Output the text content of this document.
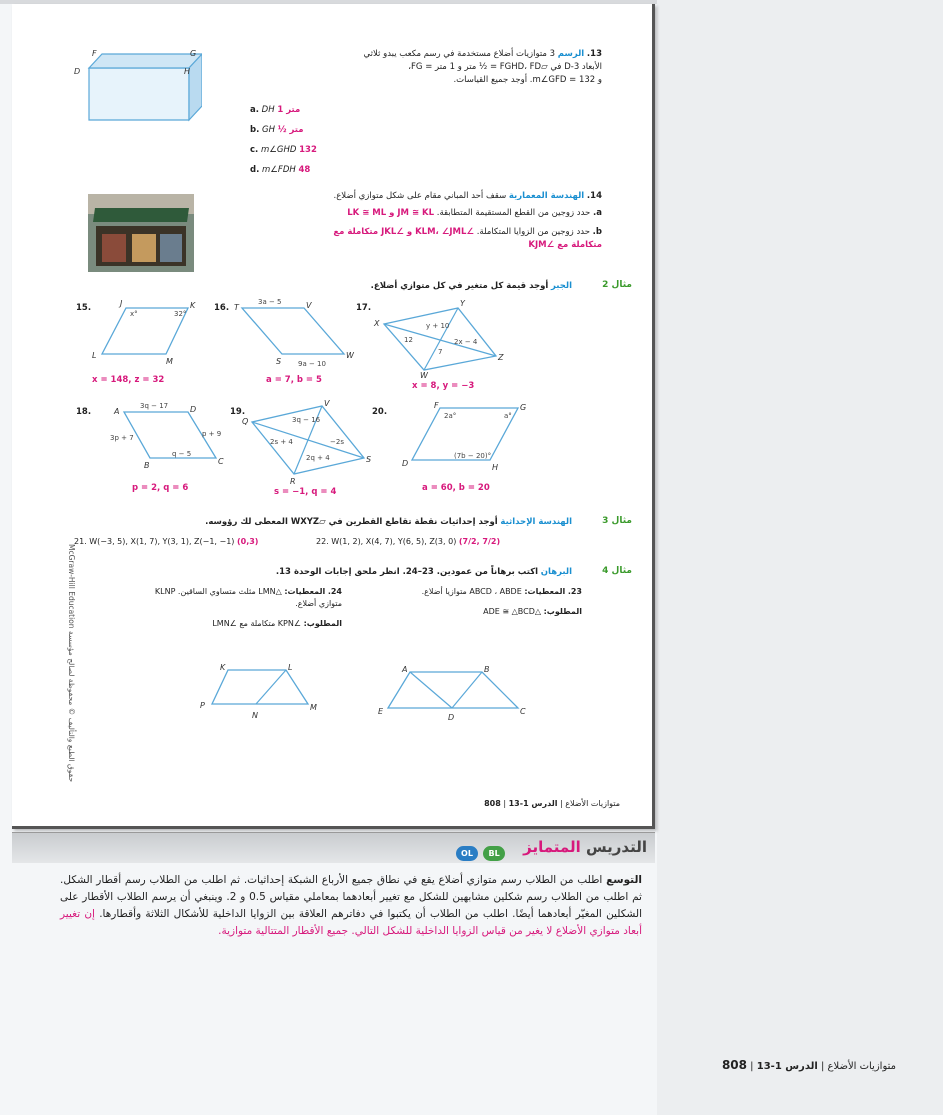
F	G
D	H
13. الرسم 3 متوازيات أضلاع مستخدمة في رسم مكعب يبدو ثلاثي
الأبعاد 3-D في ▱FGHD، FD = ½ متر و 1 متر = FG،
و m∠GFD = 132. أوجد جميع القياسات.
a. DH 1 متر
b. GH ½ متر
c. m∠GHD 132
d. m∠FDH 48
14. الهندسة المعمارية سقف أحد المباني مقام على شكل متوازي أضلاع.
a. حدد زوجين من القطع المستقيمة المتطابقة. JM ≅ KL و LK ≅ ML
b. حدد زوجين من الزوايا المتكاملة. ∠KLM، ∠JML و ∠JKL متكاملة مع
متكاملة مع ∠KJM
مثال 2
الجبر أوجد قيمة كل متغير في كل متوازي أضلاع.
15.	J	K
L
M
x°	32°
x = 148, z = 32
16. T	V
S
W
3a − 5
9a − 10
a = 7, b = 5
17.
X
Y
Z
W
y + 10
12	2x − 4
7
x = 8, y = −3
18.	A	D
B	C
3q − 17
3p + 7	p + 9
q − 5
p = 2, q = 6
19.
Q
V
R
S
3q − 16
2s + 4	−2s
2q + 4
s = −1, q = 4
20.
F	G
D	H
2a°	a°
(7b − 20)°
a = 60, b = 20
مثال 3
الهندسة الإحداثية أوجد إحداثيات نقطة تقاطع القطرين في ▱WXYZ المعطى لك رؤوسه.
21. W(−3, 5), X(1, 7), Y(3, 1), Z(−1, −1) (0,3)	22. W(1, 2), X(4, 7), Y(6, 5), Z(3, 0) (7/2, 7/2)
مثال 4
البرهان اكتب برهاناً من عمودين. 23–24. انظر ملحق إجابات الوحدة 13.
23. المعطيات: ABCD ، ABDE متوازيا أضلاع.
المطلوب: △ADE ≅ △BCD
24. المعطيات: △LMN مثلث متساوي الساقين. KLNP متوازي أضلاع.
المطلوب: ∠KPN متكاملة مع ∠LMN
K	L
P
N
M
A	B
E
D
C
McGraw-Hill Education حقوق الطبع والتأليف © محفوظة لصالح مؤسسة
متوازيات الأضلاع | الدرس 1-13 | 808
التدريس المتمايز
OL BL
التوسع اطلب من الطلاب رسم متوازي أضلاع يقع في نطاق جميع الأرباع الشبكة إحداثيات. ثم اطلب من الطلاب رسم أقطار الشكل. ثم اطلب من الطلاب رسم شكلين مشابهين للشكل مع تغيير أبعادهما بمعاملي مقياس 0.5 و 2. وينبغي أن يرسم الطلاب الأقطار على الشكلين المغيّر أبعادهما أيضًا. اطلب من الطلاب أن يكتبوا في دفاترهم العلاقة بين الزوايا الداخلية للأشكال الثلاثة وأقطارها. إن تغيير أبعاد متوازي الأضلاع لا يغير من قياس الزوايا الداخلية للشكل التالي. جميع الأقطار المتتالية متوازية.
متوازيات الأضلاع | الدرس 1-13 | 808
